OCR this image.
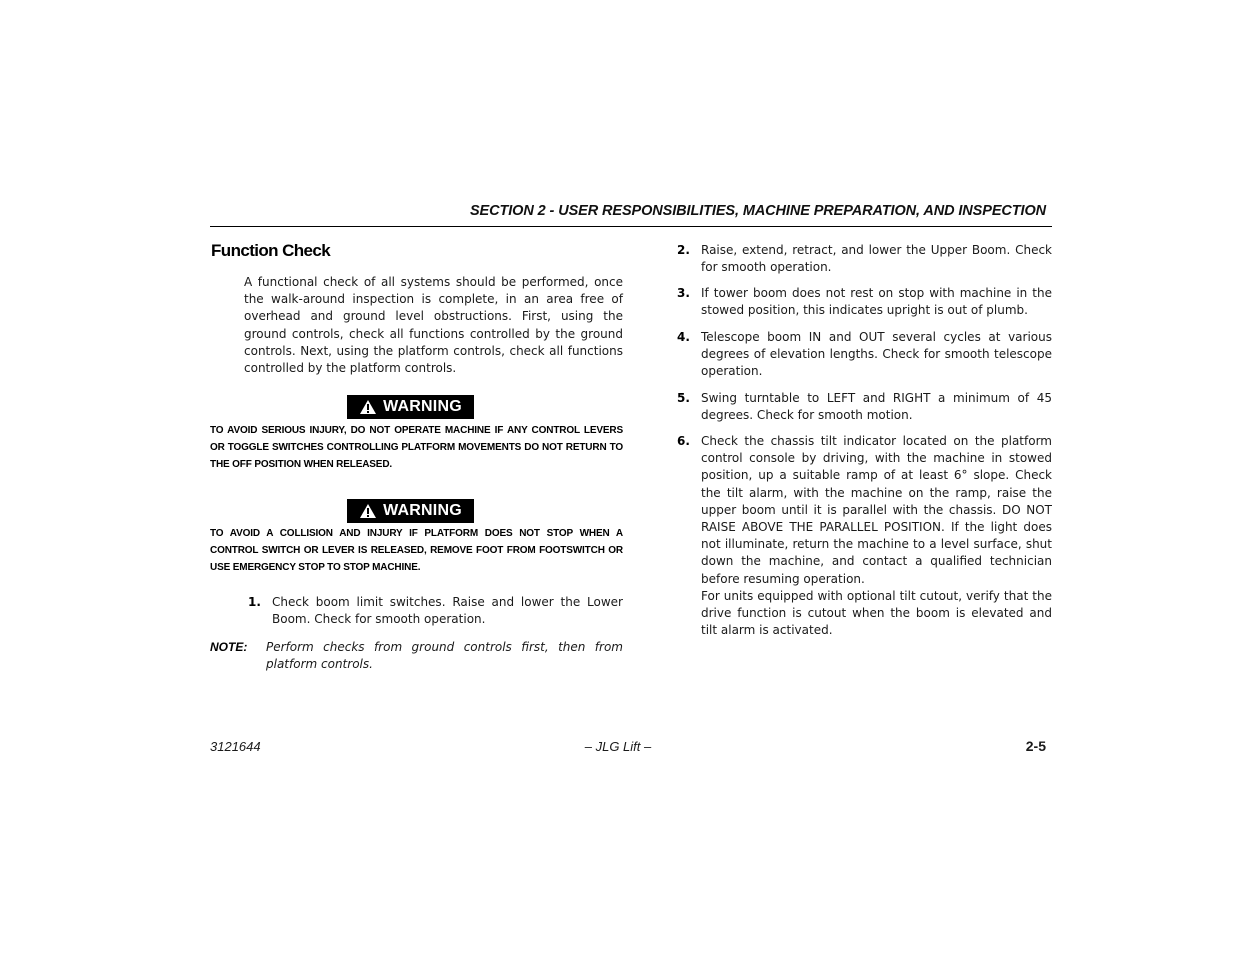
SECTION 2 - USER RESPONSIBILITIES, MACHINE PREPARATION, AND INSPECTION
Function Check
A functional check of all systems should be performed, once the walk-around inspection is complete, in an area free of overhead and ground level obstructions. First, using the ground controls, check all functions controlled by the ground controls. Next, using the platform controls, check all functions controlled by the platform controls.
WARNING
TO AVOID SERIOUS INJURY, DO NOT OPERATE MACHINE IF ANY CONTROL LEVERS OR TOGGLE SWITCHES CONTROLLING PLATFORM MOVEMENTS DO NOT RETURN TO THE OFF POSITION WHEN RELEASED.
WARNING
TO AVOID A COLLISION AND INJURY IF PLATFORM DOES NOT STOP WHEN A CONTROL SWITCH OR LEVER IS RELEASED, REMOVE FOOT FROM FOOTSWITCH OR USE EMERGENCY STOP TO STOP MACHINE.
1. Check boom limit switches. Raise and lower the Lower Boom. Check for smooth operation.
NOTE:	Perform checks from ground controls first, then from platform controls.
2. Raise, extend, retract, and lower the Upper Boom. Check for smooth operation.
3. If tower boom does not rest on stop with machine in the stowed position, this indicates upright is out of plumb.
4. Telescope boom IN and OUT several cycles at various degrees of elevation lengths. Check for smooth telescope operation.
5. Swing turntable to LEFT and RIGHT a minimum of 45 degrees. Check for smooth motion.
6. Check the chassis tilt indicator located on the platform control console by driving, with the machine in stowed position, up a suitable ramp of at least 6° slope. Check the tilt alarm, with the machine on the ramp, raise the upper boom until it is parallel with the chassis. DO NOT RAISE ABOVE THE PARALLEL POSITION. If the light does not illuminate, return the machine to a level surface, shut down the machine, and contact a qualified technician before resuming operation.
For units equipped with optional tilt cutout, verify that the drive function is cutout when the boom is elevated and tilt alarm is activated.
3121644	– JLG Lift –	2-5
